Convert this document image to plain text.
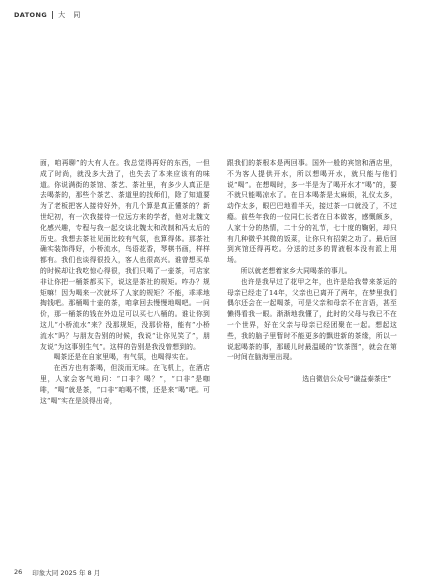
DATONG 大 同

面，咱再聊”的大有人在。我总觉得再好的东西，一但成了时尚，就没多大劲了，也失去了本来应该有的味道。你说满街的茶馆、茶艺、茶社里，有多少人真正是去喝茶的，那些个茶艺、茶道里的找师们，除了知道要为了老板把客人接待好外，有几个算是真正懂茶的？新世纪初，有一次我接待一位远方来的学者，他对北魏文化感兴趣，专程与我一起交谈北魏太和改制和冯太后的历史。我想去茶社见面比较有气氛，也算得体。那茶社确实装饰得好，小桥流水，鸟语花香，琴棋书画，样样都有。我们也谈得很投入，客人也很高兴。谁曾想买单的时候却让我吃惊心得很，我们只喝了一壶茶，可店家非让你把一桶茶都买下，说这是茶社的规矩。咋办？规矩嘛！因为喝来一次就坏了人家的规矩？不能，乖乖地掏钱吧。那桶喝十壶的茶，咱拿回去慢慢地喝吧。一问价，那一桶茶的钱在外边足可以买七八桶的。谁让你到这儿“小桥流水”来？没那规矩，没那价格，能有“小桥流水”吗？与朋友告别的时候，我说“让你见笑了”，朋友说“为这事别生气”。这样的告别是我没曾想到的。

喝茶还是在自家里喝，有气氛，也喝得实在。

在西方也有茶喝，但淡而无味。在飞机上，在酒店里，人家会客气地问：“口非？喝？”，“口非”是咖啡，“喝”就是茶，“口非”咱喝不惯，还是来“喝”吧。可这“喝”实在是淡得出奇，

跟我们的茶根本是两回事。国外一般的宾馆和酒店里，不为客人提供开水，所以想喝开水，就只能与他们说“喝”。在想喝时，多一半是为了喝开水才“喝”的，要不就只能喝凉水了。在日本喝茶是太麻烦，礼仪太多，动作太多，眼巴巴地看半天，接过茶一口就没了，不过瘾。前些年我的一位同仁长者在日本做客，感慨颇多，人家十分的热情，二十分的礼节，七十度的鞠躬，却只有几种微乎其微的饭菜，让你只有招架之功了。最后回到宾馆还得再吃。分送的过多的胃液根本没有派上用场。

所以就老想着家乡大同喝茶的事儿。

也许是我早过了花甲之年，也许是给我带来茶运的母亲已经走了14年，父亲也已离开了两年，在梦里我们偶尔还会在一起喝茶，可是父亲和母亲不在言语，甚至懒得看我一眼。渐渐地我懂了，此时的父母与我已不在一个世界，好在父亲与母亲已经团聚在一起。想起这些，我的脑子里暂时不能更多的飘进新的茶缘，所以一说起喝茶的事，那暖儿时最温暖的“饮茶图”，就会在第一时间在脑海里出现。

选自微信公众号“谦益泰茶庄”
26 印象大同 2025 年 8 月
